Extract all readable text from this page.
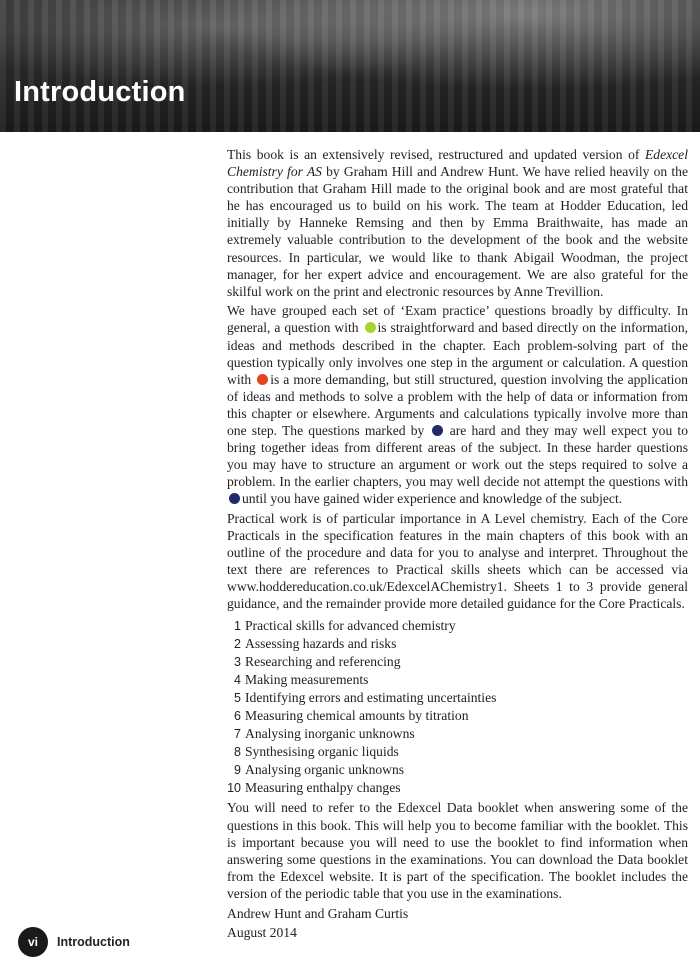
Introduction

This book is an extensively revised, restructured and updated version of Edexcel Chemistry for AS by Graham Hill and Andrew Hunt. We have relied heavily on the contribution that Graham Hill made to the original book and are most grateful that he has encouraged us to build on his work. The team at Hodder Education, led initially by Hanneke Remsing and then by Emma Braithwaite, has made an extremely valuable contribution to the development of the book and the website resources. In particular, we would like to thank Abigail Woodman, the project manager, for her expert advice and encouragement. We are also grateful for the skilful work on the print and electronic resources by Anne Trevillion.

We have grouped each set of ‘Exam practice’ questions broadly by difficulty. In general, a question with is straightforward and based directly on the information, ideas and methods described in the chapter. Each problem-solving part of the question typically only involves one step in the argument or calculation. A question with is a more demanding, but still structured, question involving the application of ideas and methods to solve a problem with the help of data or information from this chapter or elsewhere. Arguments and calculations typically involve more than one step. The questions marked by are hard and they may well expect you to bring together ideas from different areas of the subject. In these harder questions you may have to structure an argument or work out the steps required to solve a problem. In the earlier chapters, you may well decide not attempt the questions with until you have gained wider experience and knowledge of the subject.

Practical work is of particular importance in A Level chemistry. Each of the Core Practicals in the specification features in the main chapters of this book with an outline of the procedure and data for you to analyse and interpret. Throughout the text there are references to Practical skills sheets which can be accessed via www.hoddereducation.co.uk/EdexcelAChemistry1. Sheets 1 to 3 provide general guidance, and the remainder provide more detailed guidance for the Core Practicals.

1 Practical skills for advanced chemistry
2 Assessing hazards and risks
3 Researching and referencing
4 Making measurements
5 Identifying errors and estimating uncertainties
6 Measuring chemical amounts by titration
7 Analysing inorganic unknowns
8 Synthesising organic liquids
9 Analysing organic unknowns
10 Measuring enthalpy changes

You will need to refer to the Edexcel Data booklet when answering some of the questions in this book. This will help you to become familiar with the booklet. This is important because you will need to use the booklet to find information when answering some questions in the examinations. You can download the Data booklet from the Edexcel website. It is part of the specification. The booklet includes the version of the periodic table that you use in the examinations.

Andrew Hunt and Graham Curtis

August 2014

vi	Introduction
